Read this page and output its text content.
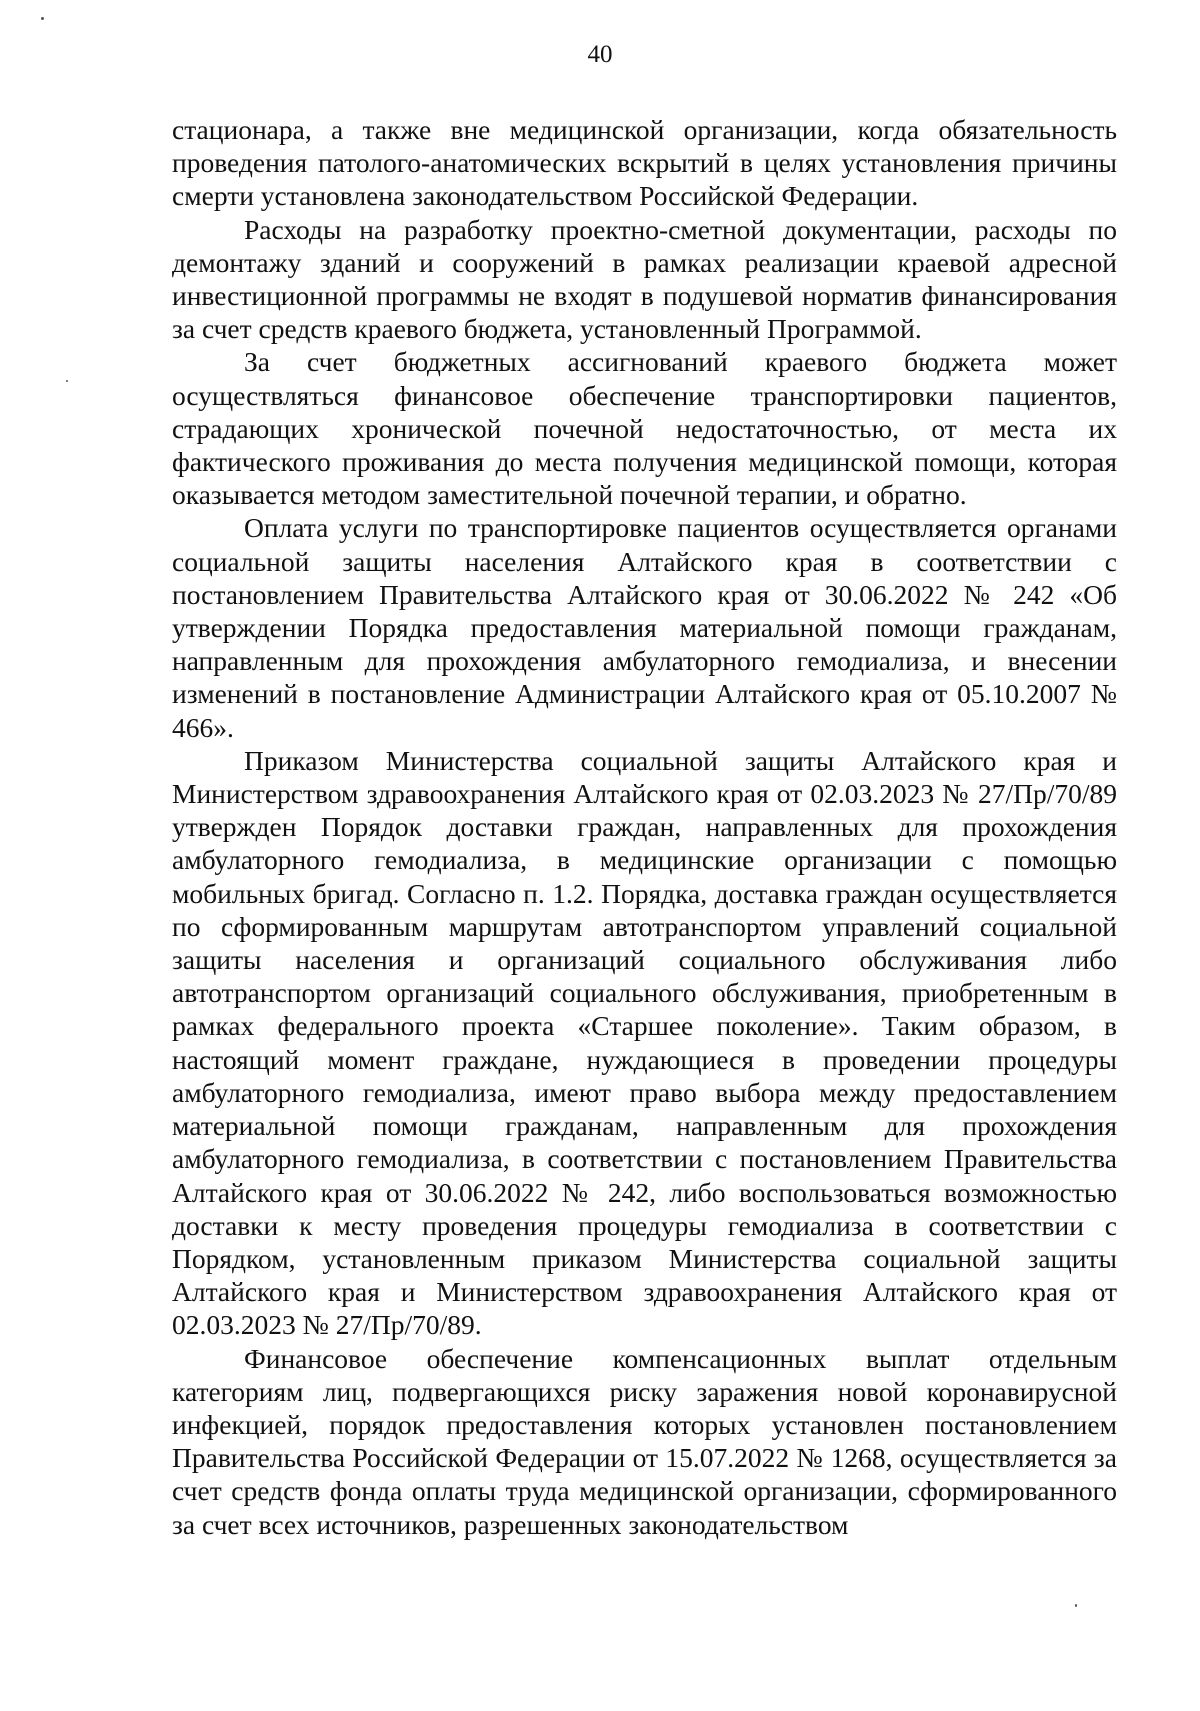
40

стационара, а также вне медицинской организации, когда обязательность проведения патолого-анатомических вскрытий в целях установления причины смерти установлена законодательством Российской Федерации.

Расходы на разработку проектно-сметной документации, расходы по демонтажу зданий и сооружений в рамках реализации краевой адресной инвестиционной программы не входят в подушевой норматив финансирования за счет средств краевого бюджета, установленный Программой.

За счет бюджетных ассигнований краевого бюджета может осуществляться финансовое обеспечение транспортировки пациентов, страдающих хронической почечной недостаточностью, от места их фактического проживания до места получения медицинской помощи, которая оказывается методом заместительной почечной терапии, и обратно.

Оплата услуги по транспортировке пациентов осуществляется органами социальной защиты населения Алтайского края в соответствии с постановлением Правительства Алтайского края от 30.06.2022 № 242 «Об утверждении Порядка предоставления материальной помощи гражданам, направленным для прохождения амбулаторного гемодиализа, и внесении изменений в постановление Администрации Алтайского края от 05.10.2007 № 466».

Приказом Министерства социальной защиты Алтайского края и Министерством здравоохранения Алтайского края от 02.03.2023 № 27/Пр/70/89 утвержден Порядок доставки граждан, направленных для прохождения амбулаторного гемодиализа, в медицинские организации с помощью мобильных бригад. Согласно п. 1.2. Порядка, доставка граждан осуществляется по сформированным маршрутам автотранспортом управлений социальной защиты населения и организаций социального обслуживания либо автотранспортом организаций социального обслуживания, приобретенным в рамках федерального проекта «Старшее поколение». Таким образом, в настоящий момент граждане, нуждающиеся в проведении процедуры амбулаторного гемодиализа, имеют право выбора между предоставлением материальной помощи гражданам, направленным для прохождения амбулаторного гемодиализа, в соответствии с постановлением Правительства Алтайского края от 30.06.2022 № 242, либо воспользоваться возможностью доставки к месту проведения процедуры гемодиализа в соответствии с Порядком, установленным приказом Министерства социальной защиты Алтайского края и Министерством здравоохранения Алтайского края от 02.03.2023 № 27/Пр/70/89.

Финансовое обеспечение компенсационных выплат отдельным категориям лиц, подвергающихся риску заражения новой коронавирусной инфекцией, порядок предоставления которых установлен постановлением Правительства Российской Федерации от 15.07.2022 № 1268, осуществляется за счет средств фонда оплаты труда медицинской организации, сформированного за счет всех источников, разрешенных законодательством
